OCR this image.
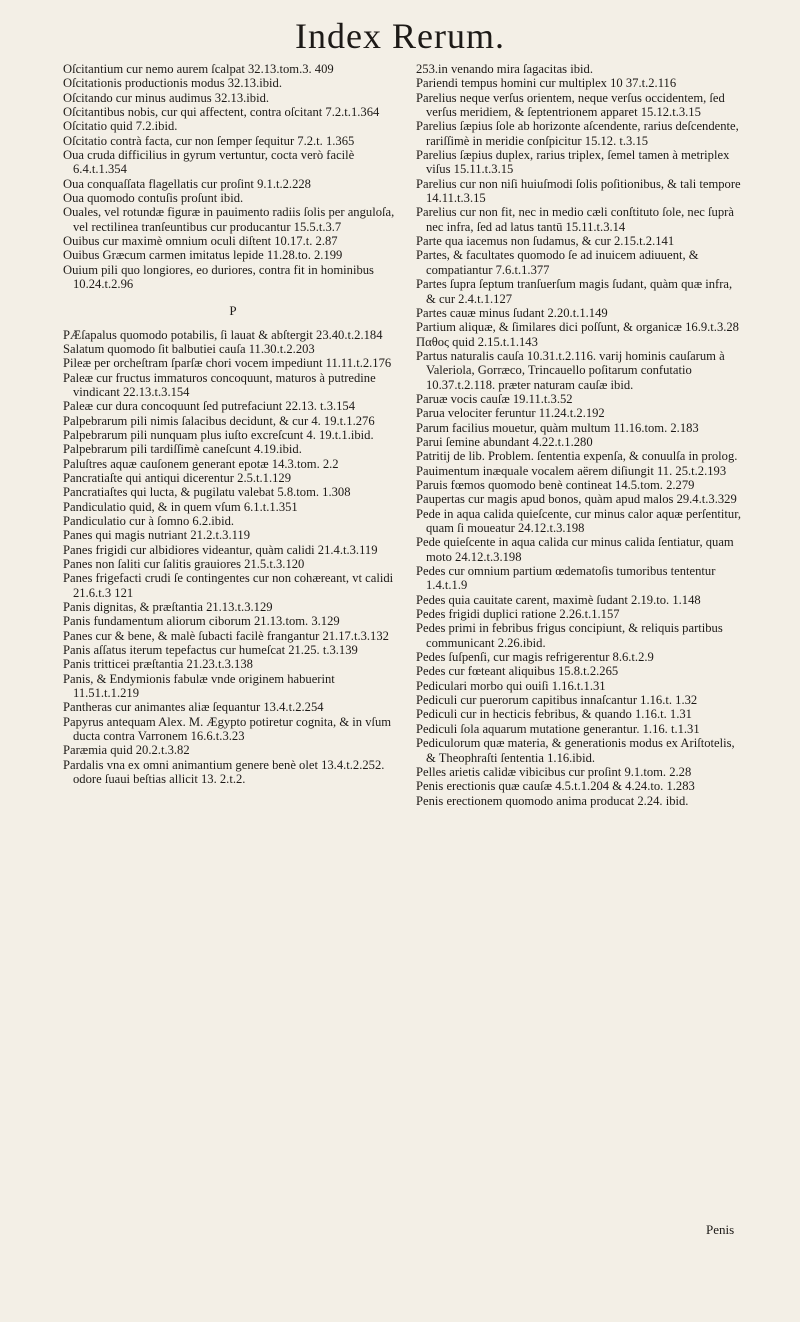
Index Rerum.

Oſcitantium cur nemo aurem ſcalpat 32.13.tom.3. 409

Oſcitationis productionis modus 32.13.ibid.

Oſcitando cur minus audimus 32.13.ibid.

Oſcitantibus nobis, cur qui affectent, contra oſcitant 7.2.t.1.364

Oſcitatio quid 7.2.ibid.

Oſcitatio contrà facta, cur non ſemper ſequitur 7.2.t. 1.365

Oua cruda difficilius in gyrum vertuntur, cocta verò facilè 6.4.t.1.354

Oua conquaſſata flagellatis cur proſint 9.1.t.2.228

Oua quomodo contuſis proſunt ibid.

Ouales, vel rotundæ figuræ in pauimento radiis ſolis per anguloſa, vel rectilinea tranſeuntibus cur producantur 15.5.t.3.7

Ouibus cur maximè omnium oculi diſtent 10.17.t. 2.87

Ouibus Græcum carmen imitatus lepide 11.28.to. 2.199

Ouium pili quo longiores, eo duriores, contra fit in hominibus 10.24.t.2.96

P

PÆſapalus quomodo potabilis, ſi lauat & abſtergit 23.40.t.2.184

Salatum quomodo ſit balbutiei cauſa 11.30.t.2.203

Pileæ per orcheſtram ſparſæ chori vocem impediunt 11.11.t.2.176

Paleæ cur fructus immaturos concoquunt, maturos à putredine vindicant 22.13.t.3.154

Paleæ cur dura concoquunt ſed putrefaciunt 22.13. t.3.154

Palpebrarum pili nimis ſalacibus decidunt, & cur 4. 19.t.1.276

Palpebrarum pili nunquam plus iuſto excreſcunt 4. 19.t.1.ibid.

Palpebrarum pili tardiſſimè caneſcunt 4.19.ibid.

Paluſtres aquæ cauſonem generant epotæ 14.3.tom. 2.2

Pancratiaſte qui antiqui dicerentur 2.5.t.1.129

Pancratiaſtes qui lucta, & pugilatu valebat 5.8.tom. 1.308

Pandiculatio quid, & in quem vſum 6.1.t.1.351

Pandiculatio cur à ſomno 6.2.ibid.

Panes qui magis nutriant 21.2.t.3.119

Panes frigidi cur albidiores videantur, quàm calidi 21.4.t.3.119

Panes non ſaliti cur ſalitis grauiores 21.5.t.3.120

Panes frigefacti crudi ſe contingentes cur non cohæreant, vt calidi 21.6.t.3 121

Panis dignitas, & præſtantia 21.13.t.3.129

Panis fundamentum aliorum ciborum 21.13.tom. 3.129

Panes cur & bene, & malè ſubacti facilè frangantur 21.17.t.3.132

Panis aſſatus iterum tepefactus cur humeſcat 21.25. t.3.139

Panis tritticei præſtantia 21.23.t.3.138

Panis, & Endymionis fabulæ vnde originem habuerint 11.51.t.1.219

Pantheras cur animantes aliæ ſequantur 13.4.t.2.254

Papyrus antequam Alex. M. Ægypto potiretur cognita, & in vſum ducta contra Varronem 16.6.t.3.23

Paræmia quid 20.2.t.3.82

Pardalis vna ex omni animantium genere benè olet 13.4.t.2.252. odore ſuaui beſtias allicit 13. 2.t.2.

253.in venando mira ſagacitas ibid.

Pariendi tempus homini cur multiplex 10 37.t.2.116

Parelius neque verſus orientem, neque verſus occidentem, ſed verſus meridiem, & ſeptentrionem apparet 15.12.t.3.15

Parelius ſæpius ſole ab horizonte aſcendente, rarius deſcendente, rariſſimè in meridie conſpicitur 15.12. t.3.15

Parelius ſæpius duplex, rarius triplex, ſemel tamen à metriplex viſus 15.11.t.3.15

Parelius cur non niſi huiuſmodi ſolis poſitionibus, & tali tempore 14.11.t.3.15

Parelius cur non fit, nec in medio cæli conſtituto ſole, nec ſuprà nec infra, ſed ad latus tantū 15.11.t.3.14

Parte qua iacemus non ſudamus, & cur 2.15.t.2.141

Partes, & facultates quomodo ſe ad inuicem adiuuent, & compatiantur 7.6.t.1.377

Partes ſupra ſeptum tranſuerſum magis ſudant, quàm quæ infra, & cur 2.4.t.1.127

Partes cauæ minus ſudant 2.20.t.1.149

Partium aliquæ, & ſimilares dici poſſunt, & organicæ 16.9.t.3.28

Παθος quid 2.15.t.1.143

Partus naturalis cauſa 10.31.t.2.116. varij hominis cauſarum à Valeriola, Gorræco, Trincauello poſitarum confutatio 10.37.t.2.118. præter naturam cauſæ ibid.

Paruæ vocis cauſæ 19.11.t.3.52

Parua velociter feruntur 11.24.t.2.192

Parum facilius mouetur, quàm multum 11.16.tom. 2.183

Parui ſemine abundant 4.22.t.1.280

Patritij de lib. Problem. ſententia expenſa, & conuulſa in prolog.

Pauimentum inæquale vocalem aërem diſiungit 11. 25.t.2.193

Paruis fœmos quomodo benè contineat 14.5.tom. 2.279

Paupertas cur magis apud bonos, quàm apud malos 29.4.t.3.329

Pede in aqua calida quieſcente, cur minus calor aquæ perſentitur, quam ſi moueatur 24.12.t.3.198

Pede quieſcente in aqua calida cur minus calida ſentiatur, quam moto 24.12.t.3.198

Pedes cur omnium partium œdematoſis tumoribus tententur 1.4.t.1.9

Pedes quia cauitate carent, maximè ſudant 2.19.to. 1.148

Pedes frigidi duplici ratione 2.26.t.1.157

Pedes primi in febribus frigus concipiunt, & reliquis partibus communicant 2.26.ibid.

Pedes ſuſpenſi, cur magis refrigerentur 8.6.t.2.9

Pedes cur fœteant aliquibus 15.8.t.2.265

Pediculari morbo qui ouiſi 1.16.t.1.31

Pediculi cur puerorum capitibus innaſcantur 1.16.t. 1.32

Pediculi cur in hecticis febribus, & quando 1.16.t. 1.31

Pediculi ſola aquarum mutatione generantur. 1.16. t.1.31

Pediculorum quæ materia, & generationis modus ex Ariſtotelis, & Theophraſti ſententia 1.16.ibid.

Pelles arietis calidæ vibicibus cur proſint 9.1.tom. 2.28

Penis erectionis quæ cauſæ 4.5.t.1.204 & 4.24.to. 1.283

Penis erectionem quomodo anima producat 2.24. ibid.

Penis
